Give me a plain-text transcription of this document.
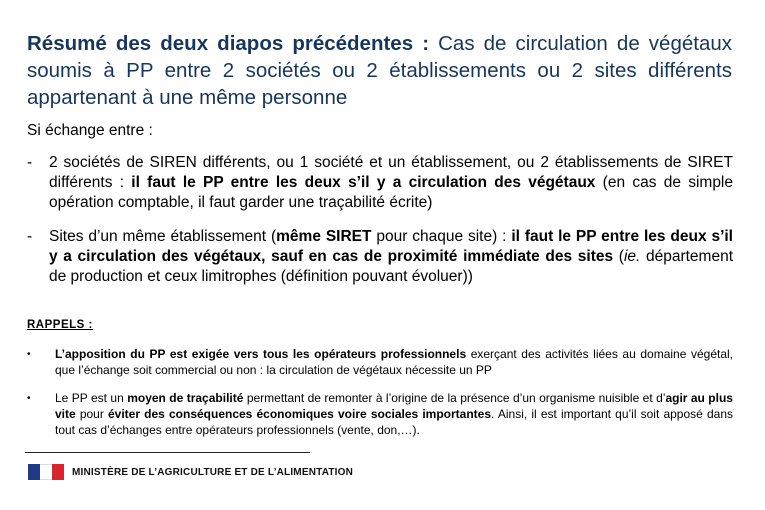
Résumé des deux diapos précédentes : Cas de circulation de végétaux soumis à PP entre 2 sociétés ou 2 établissements ou 2 sites différents appartenant à une même personne
Si échange entre :
-	2 sociétés de SIREN différents, ou 1 société et un établissement, ou 2 établissements de SIRET différents : il faut le PP entre les deux s’il y a circulation des végétaux (en cas de simple opération comptable, il faut garder une traçabilité écrite)
-	Sites d’un même établissement (même SIRET pour chaque site) : il faut le PP entre les deux s’il y a circulation des végétaux, sauf en cas de proximité immédiate des sites (ie. département de production et ceux limitrophes (définition pouvant évoluer))
RAPPELS :
•	L’apposition du PP est exigée vers tous les opérateurs professionnels exerçant des activités liées au domaine végétal, que l’échange soit commercial ou non : la circulation de végétaux nécessite un PP
•	Le PP est un moyen de traçabilité permettant de remonter à l’origine de la présence d’un organisme nuisible et d’agir au plus vite pour éviter des conséquences économiques voire sociales importantes. Ainsi, il est important qu’il soit apposé dans tout cas d’échanges entre opérateurs professionnels (vente, don,…).
MINISTÈRE DE L’AGRICULTURE ET DE L’ALIMENTATION
